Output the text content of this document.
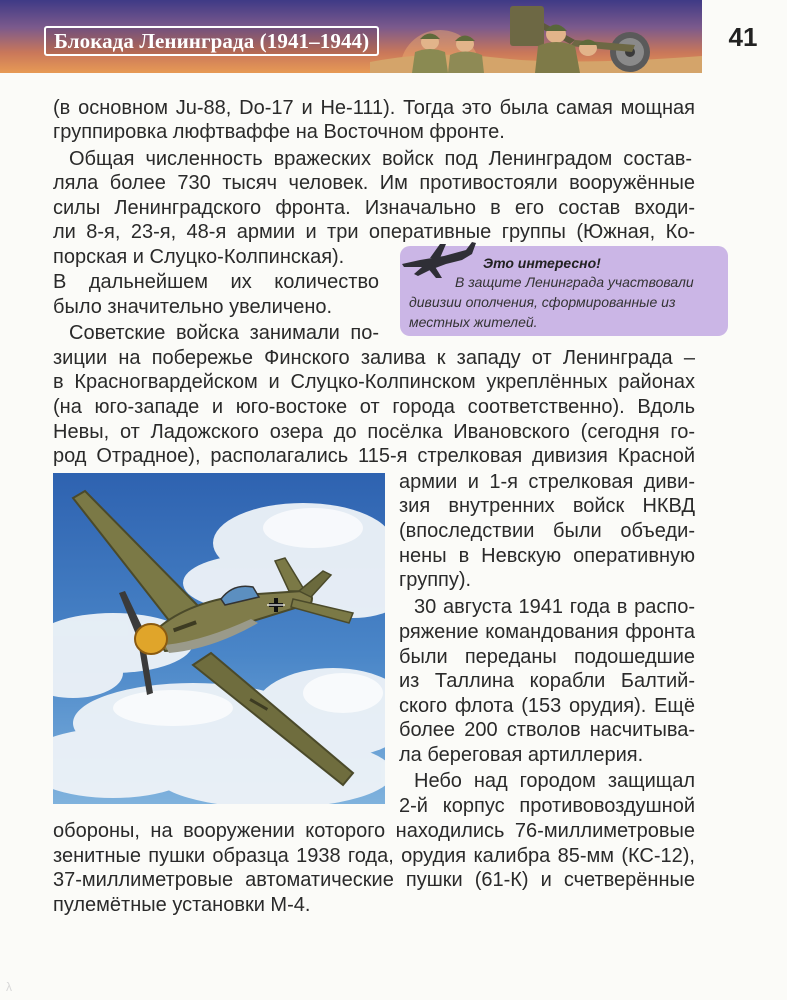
Блокада Ленинграда (1941–1944)	41
(в основном Ju-88, Do-17 и He-111). Тогда это была самая мощная
группировка люфтваффе на Восточном фронте.
Общая численность вражеских войск под Ленинградом состав-
ляла более 730 тысяч человек. Им противостояли вооружённые
силы Ленинградского фронта. Изначально в его состав входи-
ли 8-я, 23-я, 48-я армии и три оперативные группы (Южная, Ко-
порская и Слуцко-Колпинская).
В дальнейшем их количество
было значительно увеличено.
Советские войска занимали по-
зиции на побережье Финского залива к западу от Ленинграда –
в Красногвардейском и Слуцко-Колпинском укреплённых районах
(на юго-западе и юго-востоке от города соответственно). Вдоль
Невы, от Ладожского озера до посёлка Ивановского (сегодня го-
род Отрадное), располагались 115-я стрелковая дивизия Красной
армии и 1-я стрелковая диви-
зия внутренних войск НКВД
(впоследствии были объеди-
нены в Невскую оперативную
группу).
30 августа 1941 года в распо-
ряжение командования фронта
были переданы подошедшие
из Таллина корабли Балтий-
ского флота (153 орудия). Ещё
более 200 стволов насчитыва-
ла береговая артиллерия.
Небо над городом защищал
2-й корпус противовоздушной
обороны, на вооружении которого находились 76-миллиметровые
зенитные пушки образца 1938 года, орудия калибра 85-мм (КС-12),
37-миллиметровые автоматические пушки (61-К) и счетверённые
пулемётные установки М-4.
Это интересно!
В защите Ленинграда участвовали
дивизии ополчения, сформированные из
местных жителей.
λ
